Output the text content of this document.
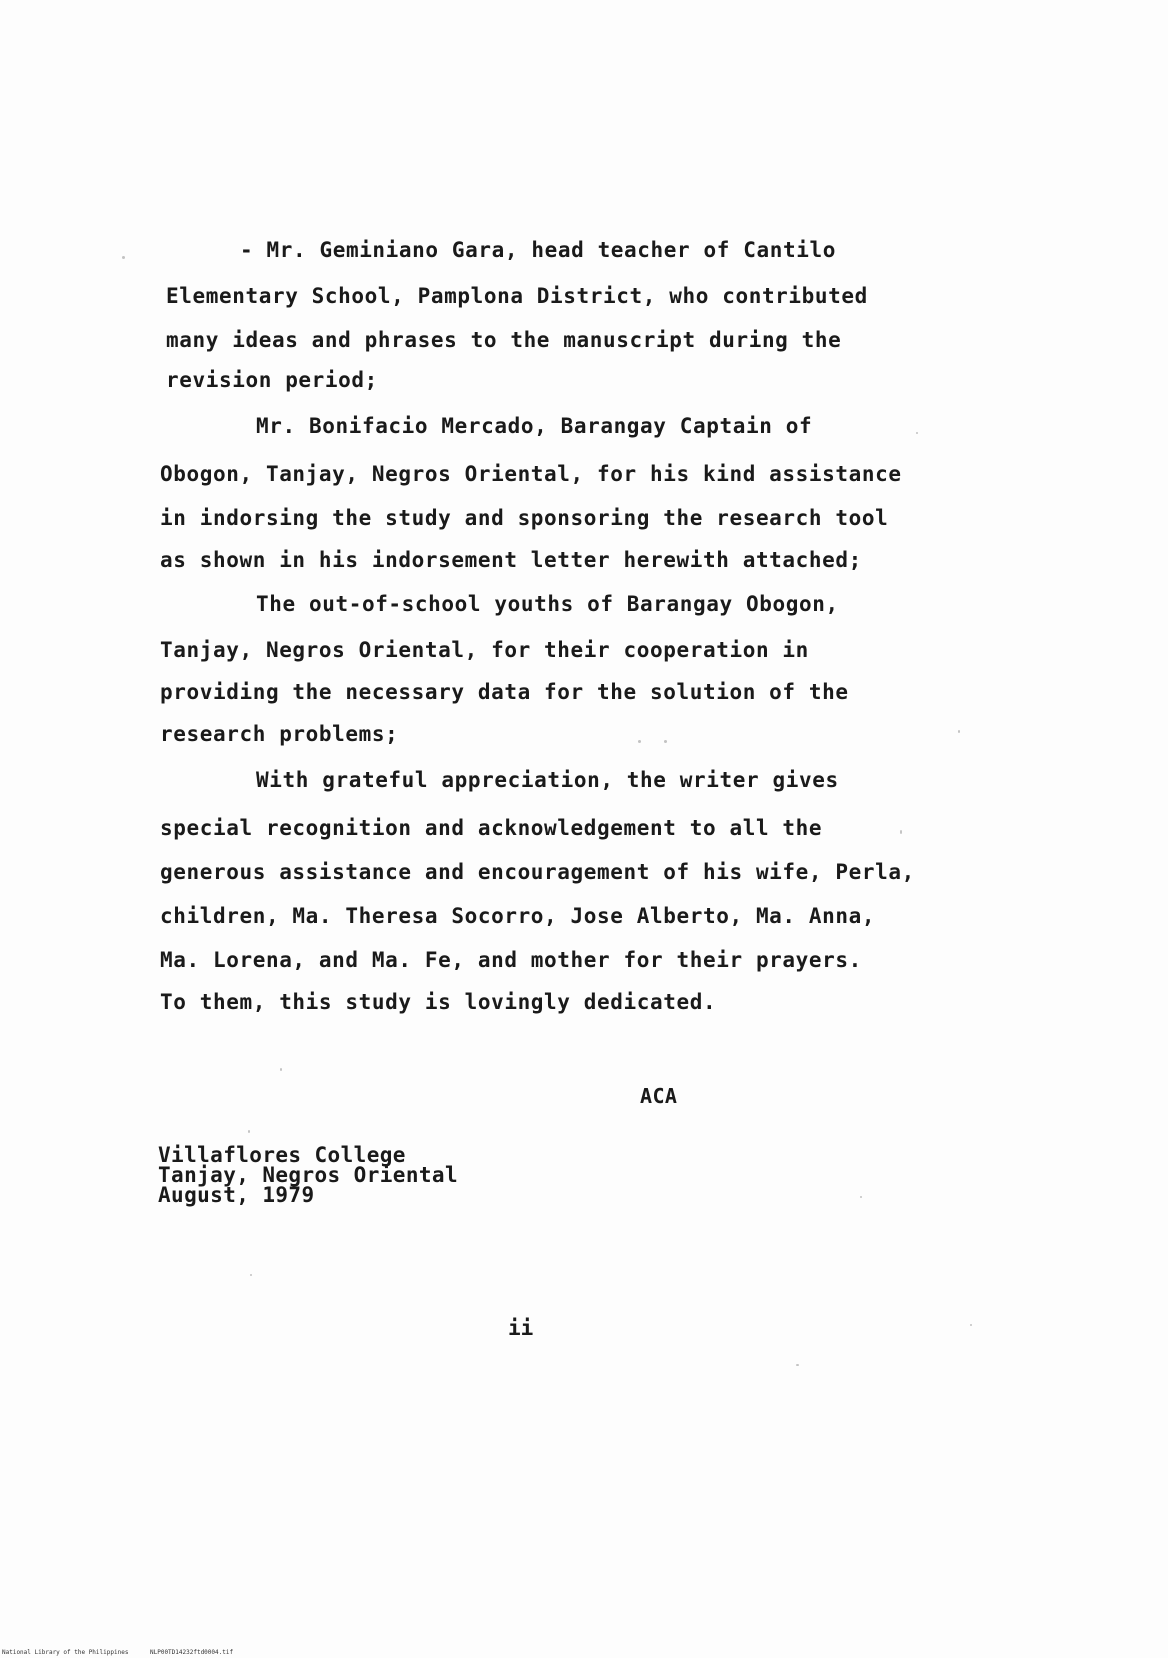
- Mr. Geminiano Gara, head teacher of Cantilo
Elementary School, Pamplona District, who contributed
many ideas and phrases to the manuscript during the
revision period;
Mr. Bonifacio Mercado, Barangay Captain of
Obogon, Tanjay, Negros Oriental, for his kind assistance
in indorsing the study and sponsoring the research tool
as shown in his indorsement letter herewith attached;
The out-of-school youths of Barangay Obogon,
Tanjay, Negros Oriental, for their cooperation in
providing the necessary data for the solution of the
research problems;
With grateful appreciation, the writer gives
special recognition and acknowledgement to all the
generous assistance and encouragement of his wife, Perla,
children, Ma. Theresa Socorro, Jose Alberto, Ma. Anna,
Ma. Lorena, and Ma. Fe, and mother for their prayers.
To them, this study is lovingly dedicated.
ACA
Villaflores College
Tanjay, Negros Oriental
August, 1979
ii
National Library of the Philippines	NLP00TD14232ftd0004.tif
